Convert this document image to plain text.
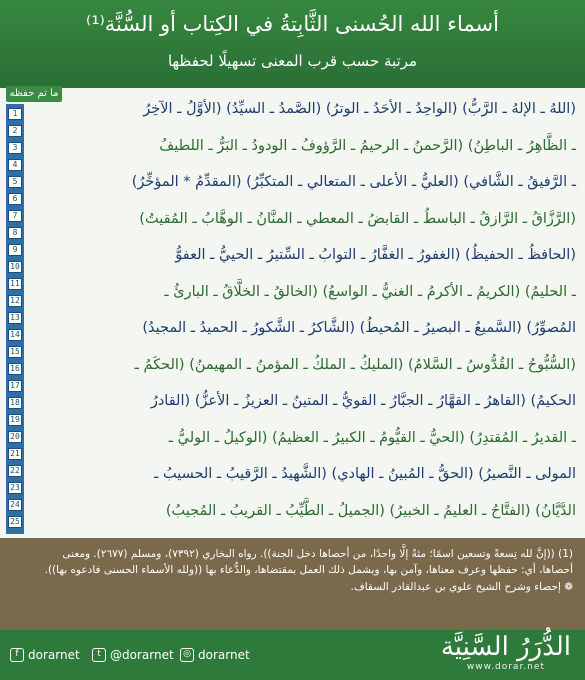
أسماء الله الحُسنى الثَّابِتةُ في الكِتاب أو السُّنَّة⁽¹⁾
مرتبة حسب قرب المعنى تسهيلًا لحفظها
1
2
3
4
5
6
7
8
9
10
11
12
13
14
15
16
17
18
19
20
21
22
23
24
25
(اللهُ ـ الإلهُ ـ الرَّبُّ) (الواحِدُ ـ الأحَدُ ـ الوترُ) (الصَّمدُ ـ السيِّدُ) (الأوَّلُ ـ الآخِرُ
ـ الظَّاهِرُ ـ الباطِنُ) (الرَّحمنُ ـ الرحيمُ ـ الرَّؤوفُ ـ الودودُ ـ البَرُّ ـ اللطيفُ
ـ الرَّفيقُ ـ الشَّافي) (العليُّ ـ الأعلى ـ المتعالي ـ المتكبِّرُ) (المقدِّمُ * المؤخِّرُ)
(الرَّزَّاقُ ـ الرَّازقُ ـ الباسطُ ـ القابضُ ـ المعطي ـ المنَّانُ ـ الوهَّابُ ـ المُقيتُ)
(الحافظُ ـ الحفيظُ) (الغفورُ ـ الغفَّارُ ـ التوابُ ـ السِّتيرُ ـ الحييُّ ـ العفوُّ
ـ الحليمُ) (الكريمُ ـ الأكرمُ ـ الغنيُّ ـ الواسعُ) (الخالقُ ـ الخلَّاقُ ـ البارئُ ـ
المُصوِّرُ) (السَّميعُ ـ البصيرُ ـ المُحيطُ) (الشَّاكرُ ـ الشَّكورُ ـ الحميدُ ـ المجيدُ)
(السُّبُّوحُ ـ القُدُّوسُ ـ السَّلامُ) (المليكُ ـ الملكُ ـ المؤمنُ ـ المهيمنُ) (الحكَمُ ـ
الحكيمُ) (القاهرُ ـ القهَّارُ ـ الجبَّارُ ـ القويُّ ـ المتينُ ـ العزيزُ ـ الأعزُّ) (القادرُ
ـ القديرُ ـ المُقتدِرُ) (الحيُّ ـ القيُّومُ ـ الكبيرُ ـ العظيمُ) (الوكيلُ ـ الوليُّ ـ
المولى ـ النَّصيرُ) (الحقُّ ـ المُبينُ ـ الهادي) (الشَّهيدُ ـ الرَّقيبُ ـ الحسيبُ ـ
الدَّيَّانُ) (الفتَّاحُ ـ العليمُ ـ الخبيرُ) (الجميلُ ـ الطَّيِّبُ ـ القريبُ ـ المُجيبُ)
ما تم حفظه
(1) ((إنَّ لله تِسعةً وتسعين اسمًا؛ مئةً إلَّا واحدًا، من أحصاها دخل الجنة)). رواه البخاري (٧٣٩٢)، ومسلم (٢٦٧٧). ومعنى
أحصاها، أي: حفظها وعرف معناها، وآمن بها، ويشمل ذلك العمل بمقتضاها، والدُّعاء بها ((ولله الأسماء الحسنى فادعوه بها)).
❁ إحصاء وشرح الشيخ علوي بن عبدالقادر السقاف.
f dorarnet	t @dorarnet	◎ dorarnet	الدُّرَرُ السَّنِيَّة
www.dorar.net
